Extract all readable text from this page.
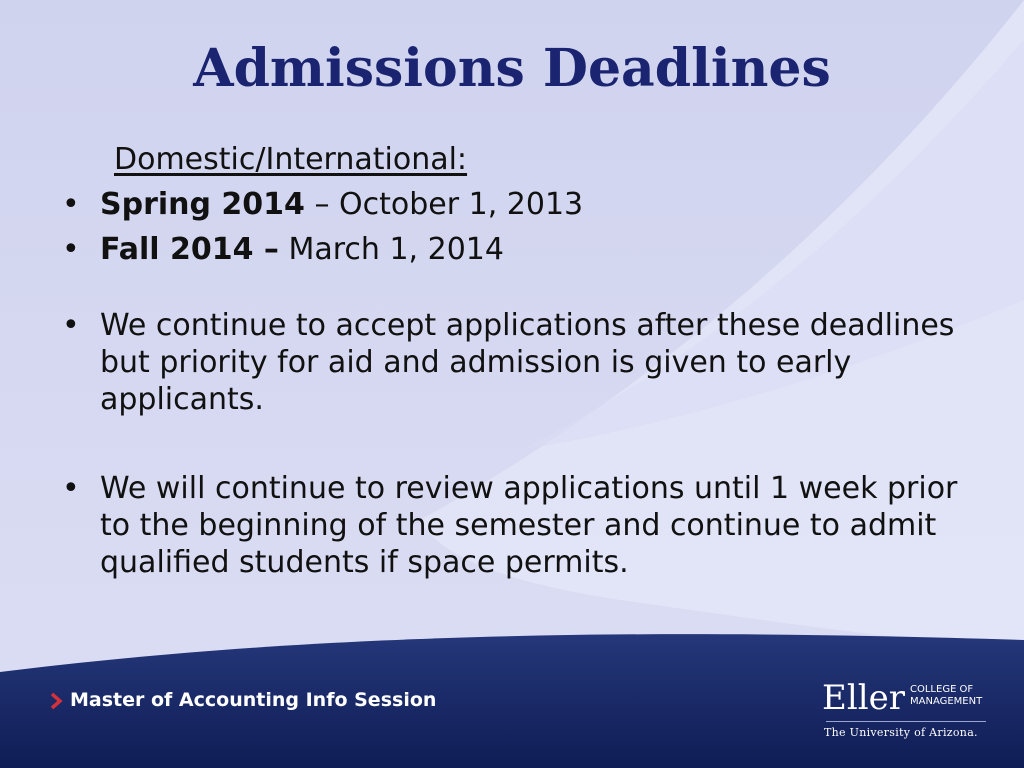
Admissions Deadlines
Domestic/International:
• Spring 2014 – October 1, 2013
• Fall 2014 – March 1, 2014
• We continue to accept applications after these deadlines but priority for aid and admission is given to early applicants.
• We will continue to review applications until 1 week prior to the beginning of the semester and continue to admit qualified students if space permits.
Master of Accounting Info Session	Eller COLLEGE OF
MANAGEMENT
The University of Arizona.
